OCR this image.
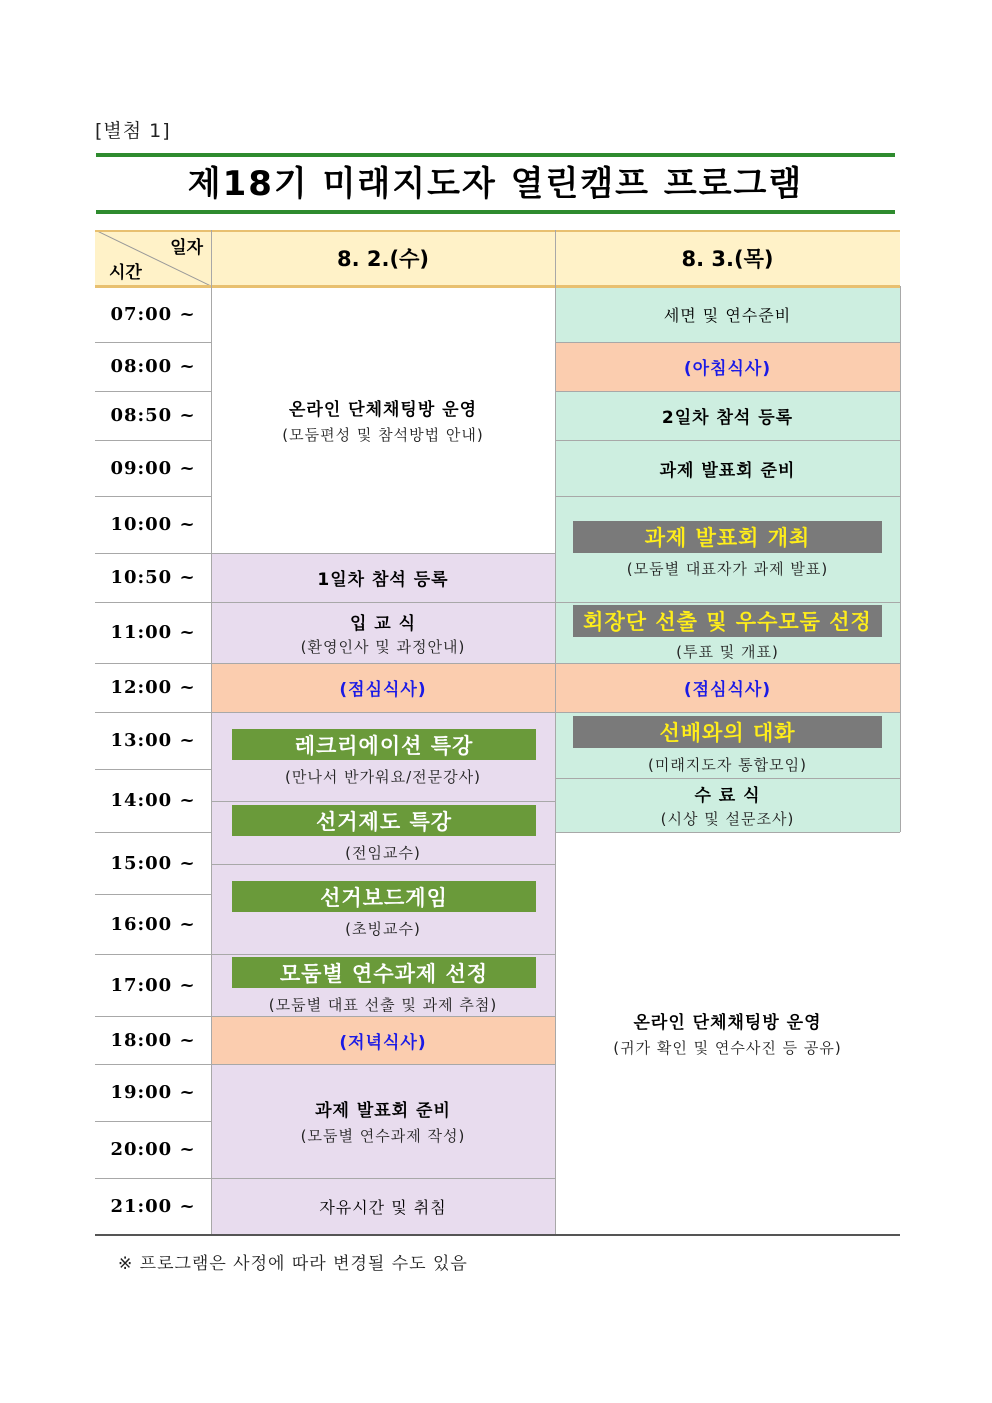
[별첨 1]
제18기 미래지도자 열린캠프 프로그램
일자
시간
8. 2.(수)	8. 3.(목)
07:00 ~
08:00 ~
08:50 ~
09:00 ~
10:00 ~
10:50 ~
11:00 ~
12:00 ~
13:00 ~
14:00 ~
15:00 ~
16:00 ~
17:00 ~
18:00 ~
19:00 ~
20:00 ~
21:00 ~
온라인 단체채팅방 운영
(모둠편성 및 참석방법 안내)
1일차 참석 등록
입 교 식
(환영인사 및 과정안내)
(점심식사)
(저녁식사)
과제 발표회 준비
(모둠별 연수과제 작성)
자유시간 및 취침
레크리에이션 특강
(만나서 반가워요/전문강사)
선거제도 특강
(전임교수)
선거보드게임
(초빙교수)
모둠별 연수과제 선정
(모둠별 대표 선출 및 과제 추첨)
세면 및 연수준비
(아침식사)
2일차 참석 등록
과제 발표회 준비
(점심식사)
수 료 식
(시상 및 설문조사)
온라인 단체채팅방 운영
(귀가 확인 및 연수사진 등 공유)
과제 발표회 개최
(모둠별 대표자가 과제 발표)
회장단 선출 및 우수모둠 선정
(투표 및 개표)
선배와의 대화
(미래지도자 통합모임)
※ 프로그램은 사정에 따라 변경될 수도 있음
